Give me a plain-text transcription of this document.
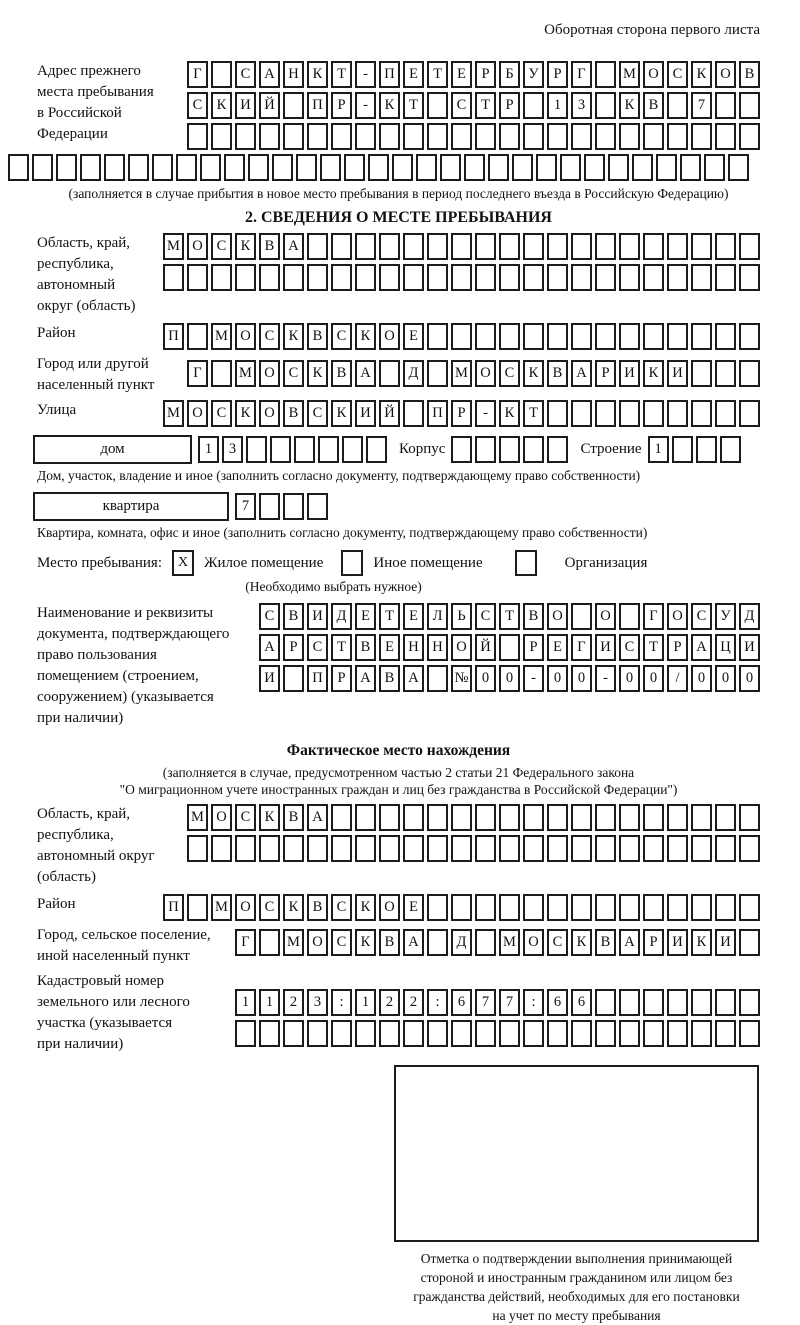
Оборотная сторона первого листа
Адрес прежнего
места пребывания
в Российской
Федерации
Г	С А Н К	Т	-	П Е	Т	Е	Р	Б	У	Р	Г	М О С К О В
С К И Й	П	Р	-	К	Т	С	Т	Р	1	3	К В	7
(заполняется в случае прибытия в новое место пребывания в период последнего въезда в Российскую Федерацию)
2. СВЕДЕНИЯ О МЕСТЕ ПРЕБЫВАНИЯ
Область, край,
республика,
автономный
округ (область)
М О С К В А
Район	П	М О С К В С К О Е
Город или другой
населенный пункт
Г	М О С К В А	Д	М О С К В А	Р	И К И
Улица	М О С К О В С К И Й	П	Р	-	К	Т
дом	1	3	Корпус	Строение 1
Дом, участок, владение и иное (заполнить согласно документу, подтверждающему право собственности)
квартира	7
Квартира, комната, офис и иное (заполнить согласно документу, подтверждающему право собственности)
Место пребывания:	X	Жилое помещение	Иное помещение	Организация
(Необходимо выбрать нужное)
Наименование и реквизиты
документа, подтверждающего
право пользования
помещением (строением,
сооружением) (указывается
при наличии)
С В И Д	Е	Т	Е	Л	Ь	С	Т	В О	О	Г	О С У Д
А	Р	С	Т	В	Е Н Н О Й	Р	Е	Г	И С	Т	Р	А Ц И
И	П	Р	А В А	№ 0	0	-	0	0	-	0	0	/	0	0	0
Фактическое место нахождения
(заполняется в случае, предусмотренном частью 2 статьи 21 Федерального закона
"О миграционном учете иностранных граждан и лиц без гражданства в Российской Федерации")
Область, край,
республика,
автономный округ
(область)
М О С К В А
Район	П	М О С К В С К О Е
Город, сельское поселение,
иной населенный пункт
Г	М О С К В А	Д	М О С К В А	Р	И К И
Кадастровый номер
земельного или лесного
участка (указывается
при наличии)
1	1	2	3	:	1	2	2	:	6	7	7	:	6	6
Отметка о подтверждении выполнения принимающей
стороной и иностранным гражданином или лицом без
гражданства действий, необходимых для его постановки
на учет по месту пребывания
